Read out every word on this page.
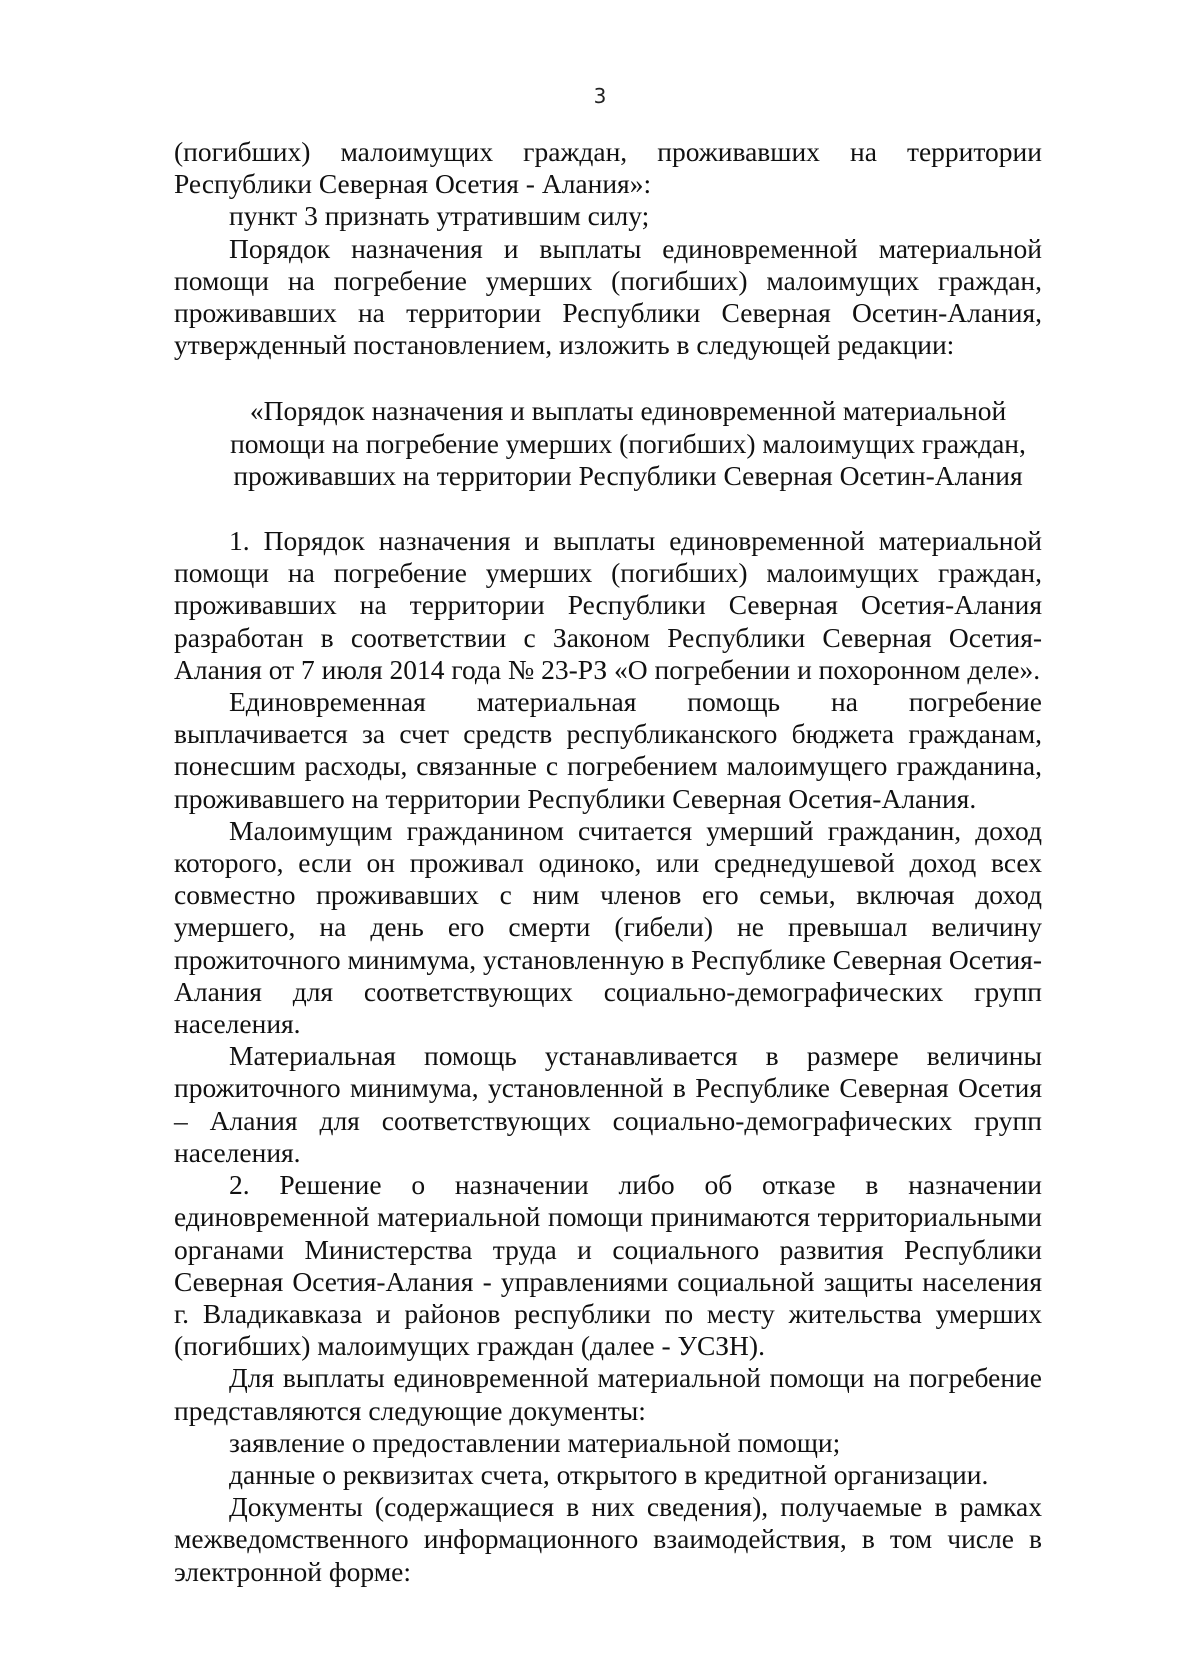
3

(погибших) малоимущих граждан, проживавших на территории Республики Северная Осетия - Алания»:

пункт 3 признать утратившим силу;

Порядок назначения и выплаты единовременной материальной помощи на погребение умерших (погибших) малоимущих граждан, проживавших на территории Республики Северная Осетин-Алания, утвержденный постановлением, изложить в следующей редакции:

«Порядок назначения и выплаты единовременной материальной
помощи на погребение умерших (погибших) малоимущих граждан,
проживавших на территории Республики Северная Осетин-Алания

1. Порядок назначения и выплаты единовременной материальной помощи на погребение умерших (погибших) малоимущих граждан, проживавших на территории Республики Северная Осетия-Алания разработан в соответствии с Законом Республики Северная Осетия-Алания от 7 июля 2014 года № 23-РЗ «О погребении и похоронном деле».

Единовременная материальная помощь на погребение выплачивается за счет средств республиканского бюджета гражданам, понесшим расходы, связанные с погребением малоимущего гражданина, проживавшего на территории Республики Северная Осетия-Алания.

Малоимущим гражданином считается умерший гражданин, доход которого, если он проживал одиноко, или среднедушевой доход всех совместно проживавших с ним членов его семьи, включая доход умершего, на день его смерти (гибели) не превышал величину прожиточного минимума, установленную в Республике Северная Осетия-Алания для соответствующих социально-демографических групп населения.

Материальная помощь устанавливается в размере величины прожиточного минимума, установленной в Республике Северная Осетия – Алания для соответствующих социально-демографических групп населения.

2. Решение о назначении либо об отказе в назначении единовременной материальной помощи принимаются территориальными органами Министерства труда и социального развития Республики Северная Осетия-Алания - управлениями социальной защиты населения г. Владикавказа и районов республики по месту жительства умерших (погибших) малоимущих граждан (далее - УСЗН).

Для выплаты единовременной материальной помощи на погребение представляются следующие документы:

заявление о предоставлении материальной помощи;

данные о реквизитах счета, открытого в кредитной организации.

Документы (содержащиеся в них сведения), получаемые в рамках межведомственного информационного взаимодействия, в том числе в электронной форме:
